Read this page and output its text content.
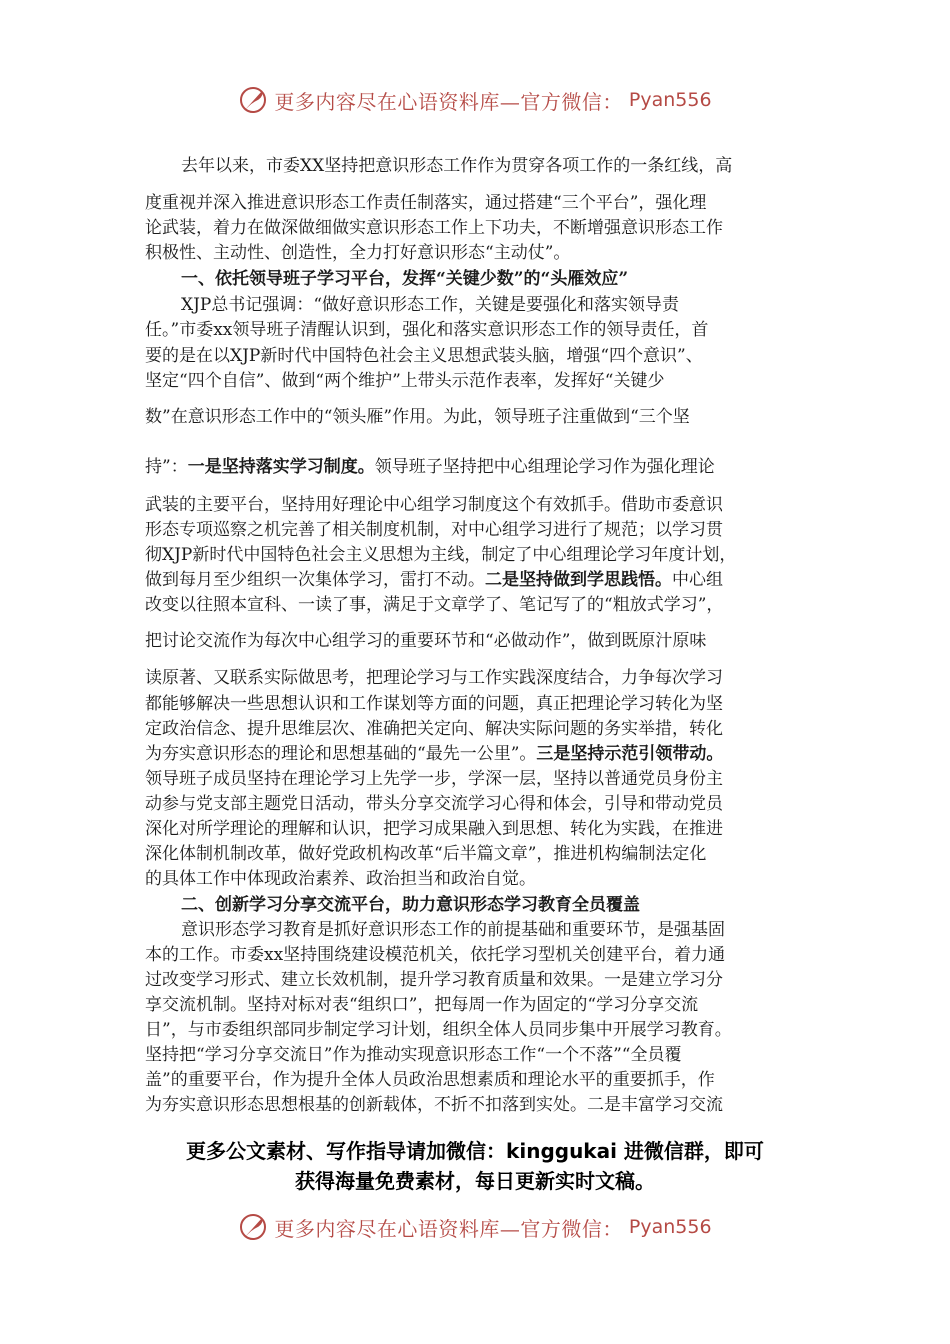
更多内容尽在心语资料库—官方微信： Pyan556
去年以来，市委XX坚持把意识形态工作作为贯穿各项工作的一条红线，高
度重视并深入推进意识形态工作责任制落实，通过搭建“三个平台”，强化理
论武装，着力在做深做细做实意识形态工作上下功夫，不断增强意识形态工作
积极性、主动性、创造性，全力打好意识形态“主动仗”。
一、依托领导班子学习平台，发挥“关键少数”的“头雁效应”
XJP总书记强调：“做好意识形态工作，关键是要强化和落实领导责
任。”市委xx领导班子清醒认识到，强化和落实意识形态工作的领导责任，首
要的是在以XJP新时代中国特色社会主义思想武装头脑，增强“四个意识”、
坚定“四个自信”、做到“两个维护”上带头示范作表率，发挥好“关键少
数”在意识形态工作中的“领头雁”作用。为此，领导班子注重做到“三个坚
持”：一是坚持落实学习制度。领导班子坚持把中心组理论学习作为强化理论
武装的主要平台，坚持用好理论中心组学习制度这个有效抓手。借助市委意识
形态专项巡察之机完善了相关制度机制，对中心组学习进行了规范；以学习贯
彻XJP新时代中国特色社会主义思想为主线，制定了中心组理论学习年度计划，
做到每月至少组织一次集体学习，雷打不动。二是坚持做到学思践悟。中心组
改变以往照本宣科、一读了事，满足于文章学了、笔记写了的“粗放式学习”，
把讨论交流作为每次中心组学习的重要环节和“必做动作”，做到既原汁原味
读原著、又联系实际做思考，把理论学习与工作实践深度结合，力争每次学习
都能够解决一些思想认识和工作谋划等方面的问题，真正把理论学习转化为坚
定政治信念、提升思维层次、准确把关定向、解决实际问题的务实举措，转化
为夯实意识形态的理论和思想基础的“最先一公里”。三是坚持示范引领带动。
领导班子成员坚持在理论学习上先学一步，学深一层，坚持以普通党员身份主
动参与党支部主题党日活动，带头分享交流学习心得和体会，引导和带动党员
深化对所学理论的理解和认识，把学习成果融入到思想、转化为实践，在推进
深化体制机制改革，做好党政机构改革“后半篇文章”，推进机构编制法定化
的具体工作中体现政治素养、政治担当和政治自觉。
二、创新学习分享交流平台，助力意识形态学习教育全员覆盖
意识形态学习教育是抓好意识形态工作的前提基础和重要环节，是强基固
本的工作。市委xx坚持围绕建设模范机关，依托学习型机关创建平台，着力通
过改变学习形式、建立长效机制，提升学习教育质量和效果。一是建立学习分
享交流机制。坚持对标对表“组织口”，把每周一作为固定的“学习分享交流
日”，与市委组织部同步制定学习计划，组织全体人员同步集中开展学习教育。
坚持把“学习分享交流日”作为推动实现意识形态工作“一个不落”“全员覆
盖”的重要平台，作为提升全体人员政治思想素质和理论水平的重要抓手，作
为夯实意识形态思想根基的创新载体，不折不扣落到实处。二是丰富学习交流
更多公文素材、写作指导请加微信：kinggukai 进微信群，即可
获得海量免费素材，每日更新实时文稿。
更多内容尽在心语资料库—官方微信： Pyan556
